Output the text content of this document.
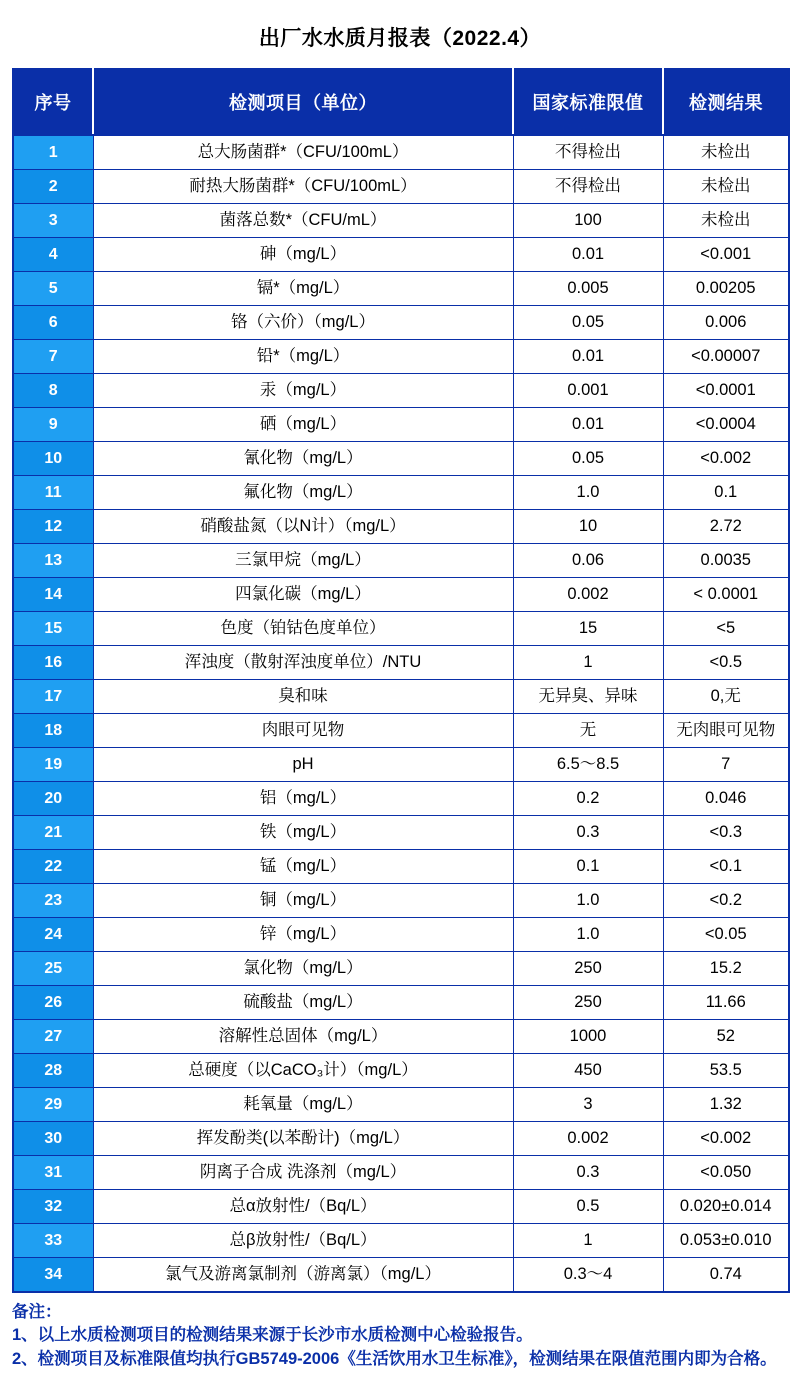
出厂水水质月报表（2022.4）
序号	检测项目（单位）	国家标准限值	检测结果
1	总大肠菌群*（CFU/100mL）	不得检出	未检出
2	耐热大肠菌群*（CFU/100mL）	不得检出	未检出
3	菌落总数*（CFU/mL）	100	未检出
4	砷（mg/L）	0.01	<0.001
5	镉*（mg/L）	0.005	0.00205
6	铬（六价）（mg/L）	0.05	0.006
7	铅*（mg/L）	0.01	<0.00007
8	汞（mg/L）	0.001	<0.0001
9	硒（mg/L）	0.01	<0.0004
10	氰化物（mg/L）	0.05	<0.002
11	氟化物（mg/L）	1.0	0.1
12	硝酸盐氮（以N计）（mg/L）	10	2.72
13	三氯甲烷（mg/L）	0.06	0.0035
14	四氯化碳（mg/L）	0.002	< 0.0001
15	色度（铂钴色度单位）	15	<5
16	浑浊度（散射浑浊度单位）/NTU	1	<0.5
17	臭和味	无异臭、异味	0,无
18	肉眼可见物	无	无肉眼可见物
19	pH	6.5～8.5	7
20	铝（mg/L）	0.2	0.046
21	铁（mg/L）	0.3	<0.3
22	锰（mg/L）	0.1	<0.1
23	铜（mg/L）	1.0	<0.2
24	锌（mg/L）	1.0	<0.05
25	氯化物（mg/L）	250	15.2
26	硫酸盐（mg/L）	250	11.66
27	溶解性总固体（mg/L）	1000	52
28	总硬度（以CaCO₃计）（mg/L）	450	53.5
29	耗氧量（mg/L）	3	1.32
30	挥发酚类(以苯酚计)（mg/L）	0.002	<0.002
31	阴离子合成 洗涤剂（mg/L）	0.3	<0.050
32	总α放射性/（Bq/L）	0.5	0.020±0.014
33	总β放射性/（Bq/L）	1	0.053±0.010
34	氯气及游离氯制剂（游离氯）（mg/L）	0.3～4	0.74
备注：
1、以上水质检测项目的检测结果来源于长沙市水质检测中心检验报告。
2、检测项目及标准限值均执行GB5749-2006《生活饮用水卫生标准》，检测结果在限值范围内即为合格。
